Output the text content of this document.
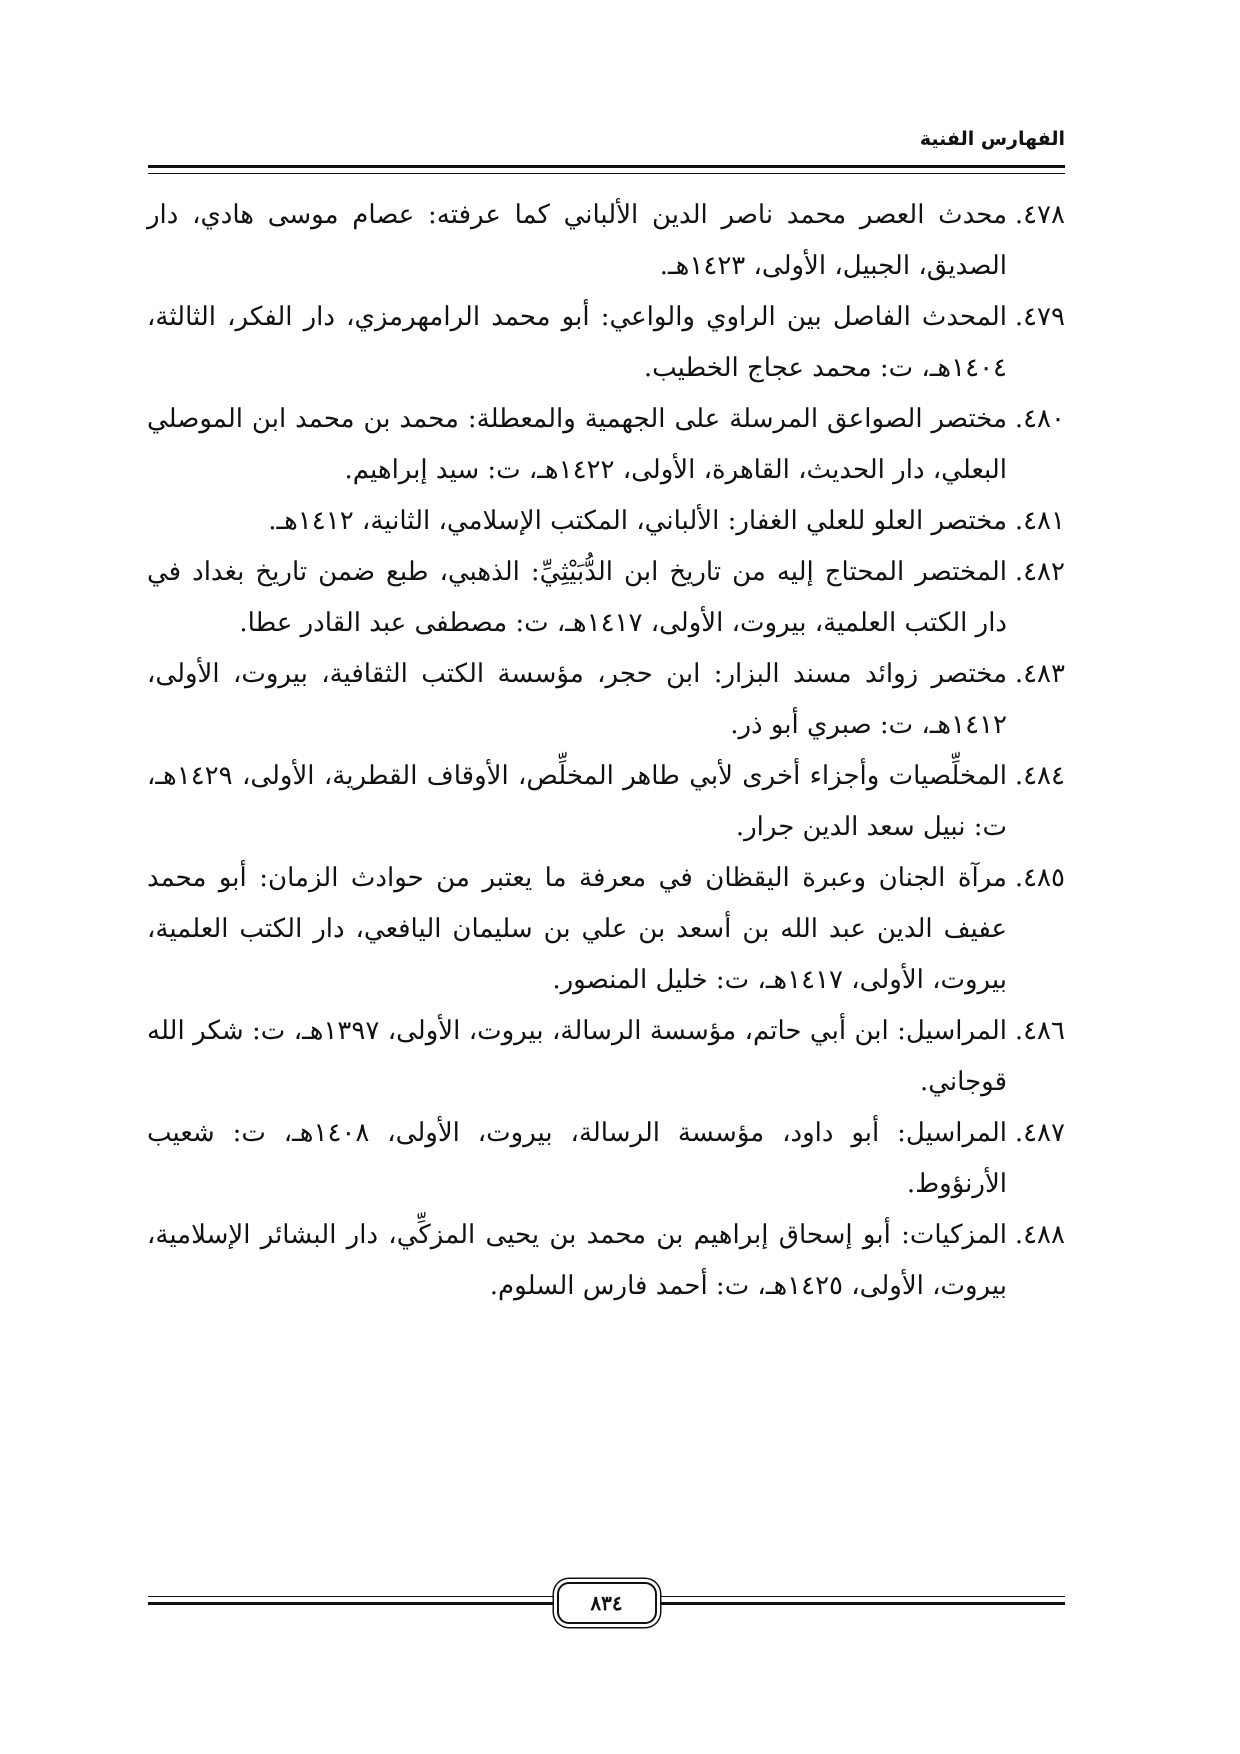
الفهارس الفنية
٤٧٨.
محدث العصر محمد ناصر الدين الألباني كما عرفته: عصام موسى هادي، دار الصديق، الجبيل، الأولى، ١٤٢٣هـ.
٤٧٩.
المحدث الفاصل بين الراوي والواعي: أبو محمد الرامهرمزي، دار الفكر، الثالثة، ١٤٠٤هـ، ت: محمد عجاج الخطيب.
٤٨٠.
مختصر الصواعق المرسلة على الجهمية والمعطلة: محمد بن محمد ابن الموصلي البعلي، دار الحديث، القاهرة، الأولى، ١٤٢٢هـ، ت: سيد إبراهيم.
٤٨١.
مختصر العلو للعلي الغفار: الألباني، المكتب الإسلامي، الثانية، ١٤١٢هـ.
٤٨٢.
المختصر المحتاج إليه من تاريخ ابن الدُّبَيْثِيِّ: الذهبي، طبع ضمن تاريخ بغداد في دار الكتب العلمية، بيروت، الأولى، ١٤١٧هـ، ت: مصطفى عبد القادر عطا.
٤٨٣.
مختصر زوائد مسند البزار: ابن حجر، مؤسسة الكتب الثقافية، بيروت، الأولى، ١٤١٢هـ، ت: صبري أبو ذر.
٤٨٤.
المخلِّصيات وأجزاء أخرى لأبي طاهر المخلِّص، الأوقاف القطرية، الأولى، ١٤٢٩هـ، ت: نبيل سعد الدين جرار.
٤٨٥.
مرآة الجنان وعبرة اليقظان في معرفة ما يعتبر من حوادث الزمان: أبو محمد عفيف الدين عبد الله بن أسعد بن علي بن سليمان اليافعي، دار الكتب العلمية، بيروت، الأولى، ١٤١٧هـ، ت: خليل المنصور.
٤٨٦.
المراسيل: ابن أبي حاتم، مؤسسة الرسالة، بيروت، الأولى، ١٣٩٧هـ، ت: شكر الله قوجاني.
٤٨٧.
المراسيل: أبو داود، مؤسسة الرسالة، بيروت، الأولى، ١٤٠٨هـ، ت: شعيب الأرنؤوط.
٤٨٨.
المزكيات: أبو إسحاق إبراهيم بن محمد بن يحيى المزكِّي، دار البشائر الإسلامية، بيروت، الأولى، ١٤٢٥هـ، ت: أحمد فارس السلوم.
٨٣٤
